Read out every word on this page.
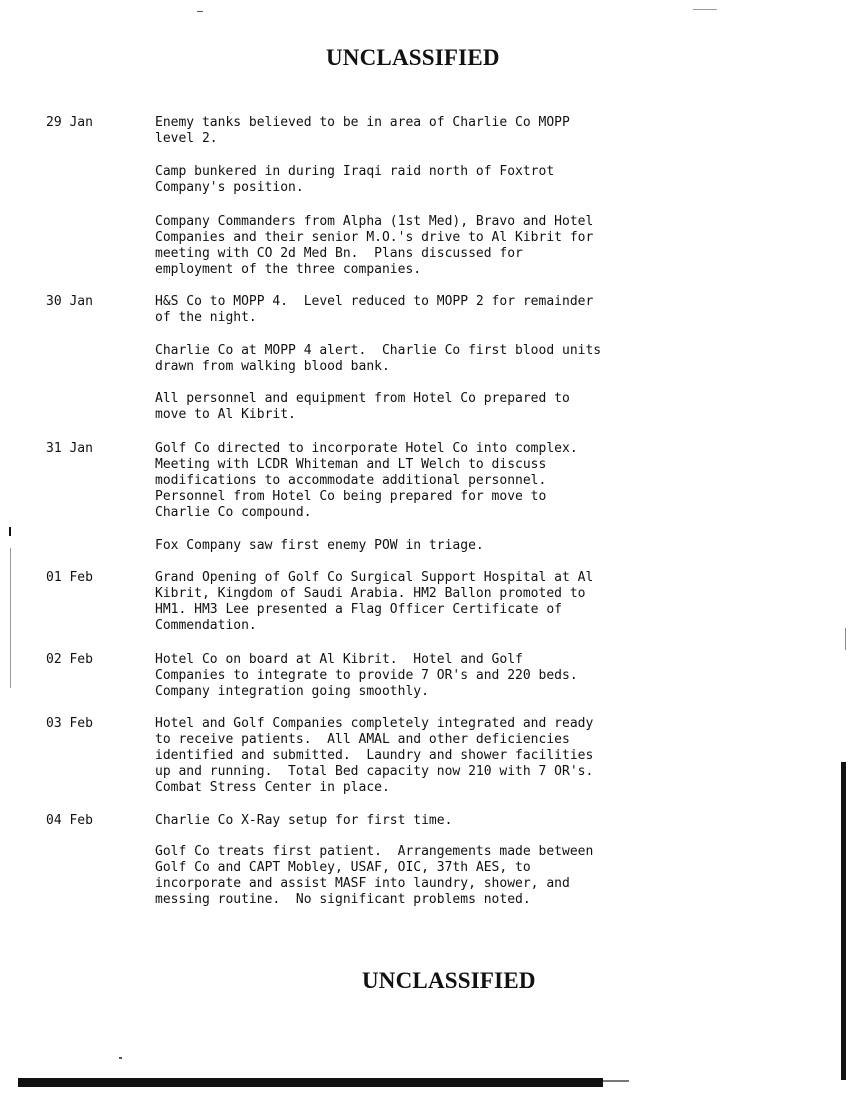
UNCLASSIFIED
29 Jan	Enemy tanks believed to be in area of Charlie Co MOPP
level 2.

Camp bunkered in during Iraqi raid north of Foxtrot
Company's position.

Company Commanders from Alpha (1st Med), Bravo and Hotel
Companies and their senior M.O.'s drive to Al Kibrit for
meeting with CO 2d Med Bn.  Plans discussed for
employment of the three companies.

30 Jan	H&S Co to MOPP 4.  Level reduced to MOPP 2 for remainder
of the night.

Charlie Co at MOPP 4 alert.  Charlie Co first blood units
drawn from walking blood bank.

All personnel and equipment from Hotel Co prepared to
move to Al Kibrit.

31 Jan	Golf Co directed to incorporate Hotel Co into complex.
Meeting with LCDR Whiteman and LT Welch to discuss
modifications to accommodate additional personnel.
Personnel from Hotel Co being prepared for move to
Charlie Co compound.

Fox Company saw first enemy POW in triage.

01 Feb	Grand Opening of Golf Co Surgical Support Hospital at Al
Kibrit, Kingdom of Saudi Arabia. HM2 Ballon promoted to
HM1. HM3 Lee presented a Flag Officer Certificate of
Commendation.

02 Feb	Hotel Co on board at Al Kibrit.  Hotel and Golf
Companies to integrate to provide 7 OR's and 220 beds.
Company integration going smoothly.

03 Feb	Hotel and Golf Companies completely integrated and ready
to receive patients.  All AMAL and other deficiencies
identified and submitted.  Laundry and shower facilities
up and running.  Total Bed capacity now 210 with 7 OR's.
Combat Stress Center in place.

04 Feb	Charlie Co X-Ray setup for first time.

Golf Co treats first patient.  Arrangements made between
Golf Co and CAPT Mobley, USAF, OIC, 37th AES, to
incorporate and assist MASF into laundry, shower, and
messing routine.  No significant problems noted.

UNCLASSIFIED
